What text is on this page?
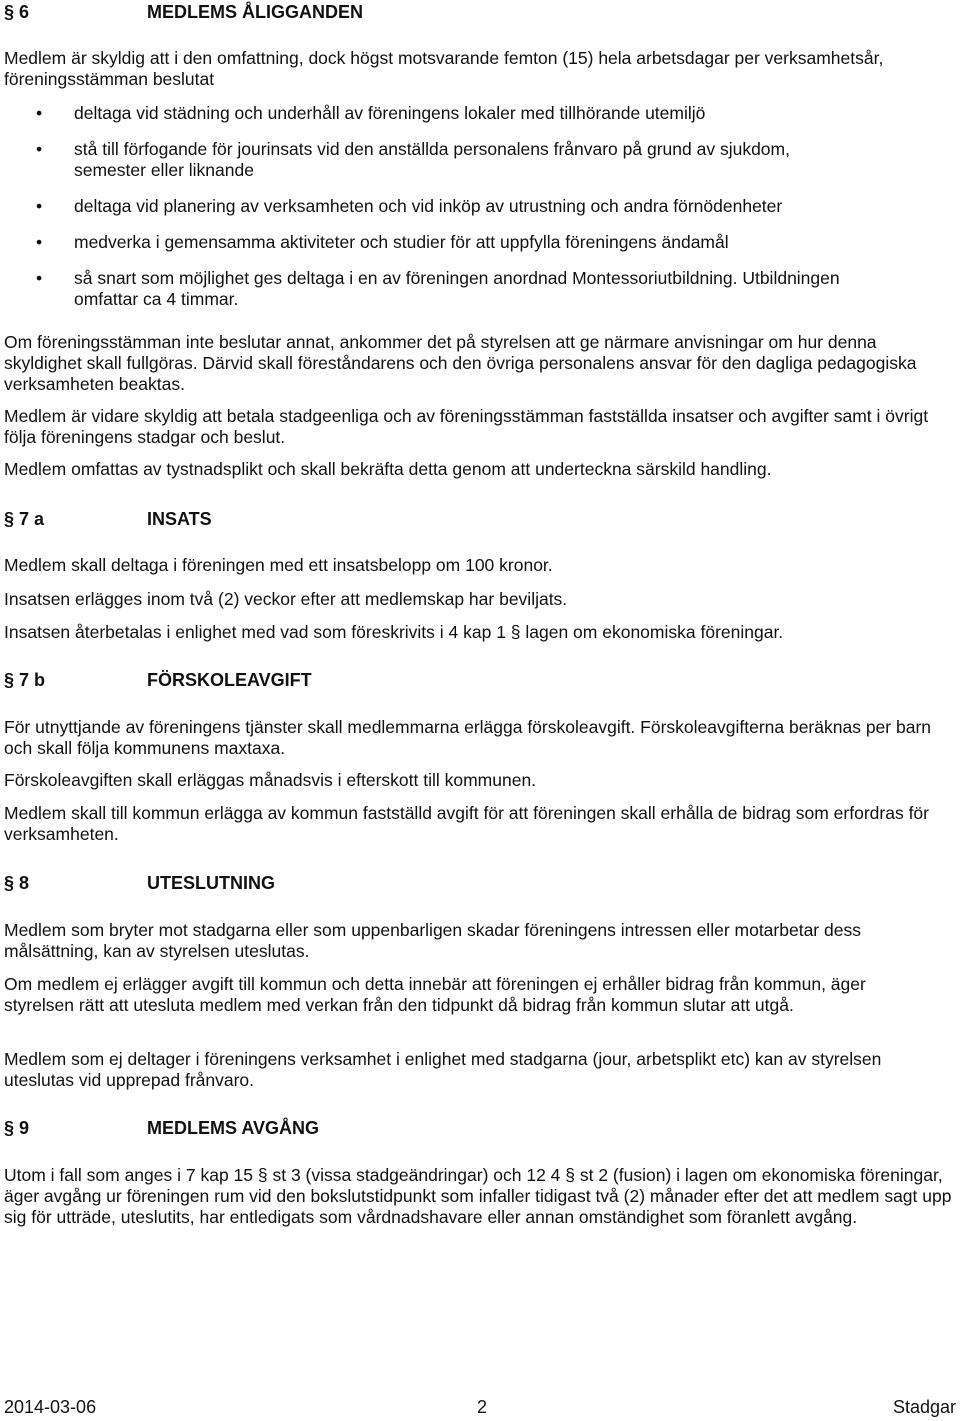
§ 6	MEDLEMS ÅLIGGANDEN

Medlem är skyldig att i den omfattning, dock högst motsvarande femton (15) hela arbetsdagar per verksamhetsår, föreningsstämman beslutat

• deltaga vid städning och underhåll av föreningens lokaler med tillhörande utemiljö
• stå till förfogande för jourinsats vid den anställda personalens frånvaro på grund av sjukdom, semester eller liknande
• deltaga vid planering av verksamheten och vid inköp av utrustning och andra förnödenheter
• medverka i gemensamma aktiviteter och studier för att uppfylla föreningens ändamål
• så snart som möjlighet ges deltaga i en av föreningen anordnad Montessoriutbildning. Utbildningen omfattar ca 4 timmar.

Om föreningsstämman inte beslutar annat, ankommer det på styrelsen att ge närmare anvisningar om hur denna skyldighet skall fullgöras. Därvid skall föreståndarens och den övriga personalens ansvar för den dagliga pedagogiska verksamheten beaktas.

Medlem är vidare skyldig att betala stadgeenliga och av föreningsstämman fastställda insatser och avgifter samt i övrigt följa föreningens stadgar och beslut.

Medlem omfattas av tystnadsplikt och skall bekräfta detta genom att underteckna särskild handling.

§ 7 a	INSATS

Medlem skall deltaga i föreningen med ett insatsbelopp om 100 kronor.

Insatsen erlägges inom två (2) veckor efter att medlemskap har beviljats.

Insatsen återbetalas i enlighet med vad som föreskrivits i 4 kap 1 § lagen om ekonomiska föreningar.

§ 7 b	FÖRSKOLEAVGIFT

För utnyttjande av föreningens tjänster skall medlemmarna erlägga förskoleavgift. Förskoleavgifterna beräknas per barn och skall följa kommunens maxtaxa.

Förskoleavgiften skall erläggas månadsvis i efterskott till kommunen.

Medlem skall till kommun erlägga av kommun fastställd avgift för att föreningen skall erhålla de bidrag som erfordras för verksamheten.

§ 8	UTESLUTNING

Medlem som bryter mot stadgarna eller som uppenbarligen skadar föreningens intressen eller motarbetar dess målsättning, kan av styrelsen uteslutas.

Om medlem ej erlägger avgift till kommun och detta innebär att föreningen ej erhåller bidrag från kommun, äger styrelsen rätt att utesluta medlem med verkan från den tidpunkt då bidrag från kommun slutar att utgå.

Medlem som ej deltager i föreningens verksamhet i enlighet med stadgarna (jour, arbetsplikt etc) kan av styrelsen uteslutas vid upprepad frånvaro.

§ 9	MEDLEMS AVGÅNG

Utom i fall som anges i 7 kap 15 § st 3 (vissa stadgeändringar) och 12 4 § st 2 (fusion) i lagen om ekonomiska föreningar, äger avgång ur föreningen rum vid den bokslutstidpunkt som infaller tidigast två (2) månader efter det att medlem sagt upp sig för utträde, uteslutits, har entledigats som vårdnadshavare eller annan omständighet som föranlett avgång.

2014-03-06	2	Stadgar
